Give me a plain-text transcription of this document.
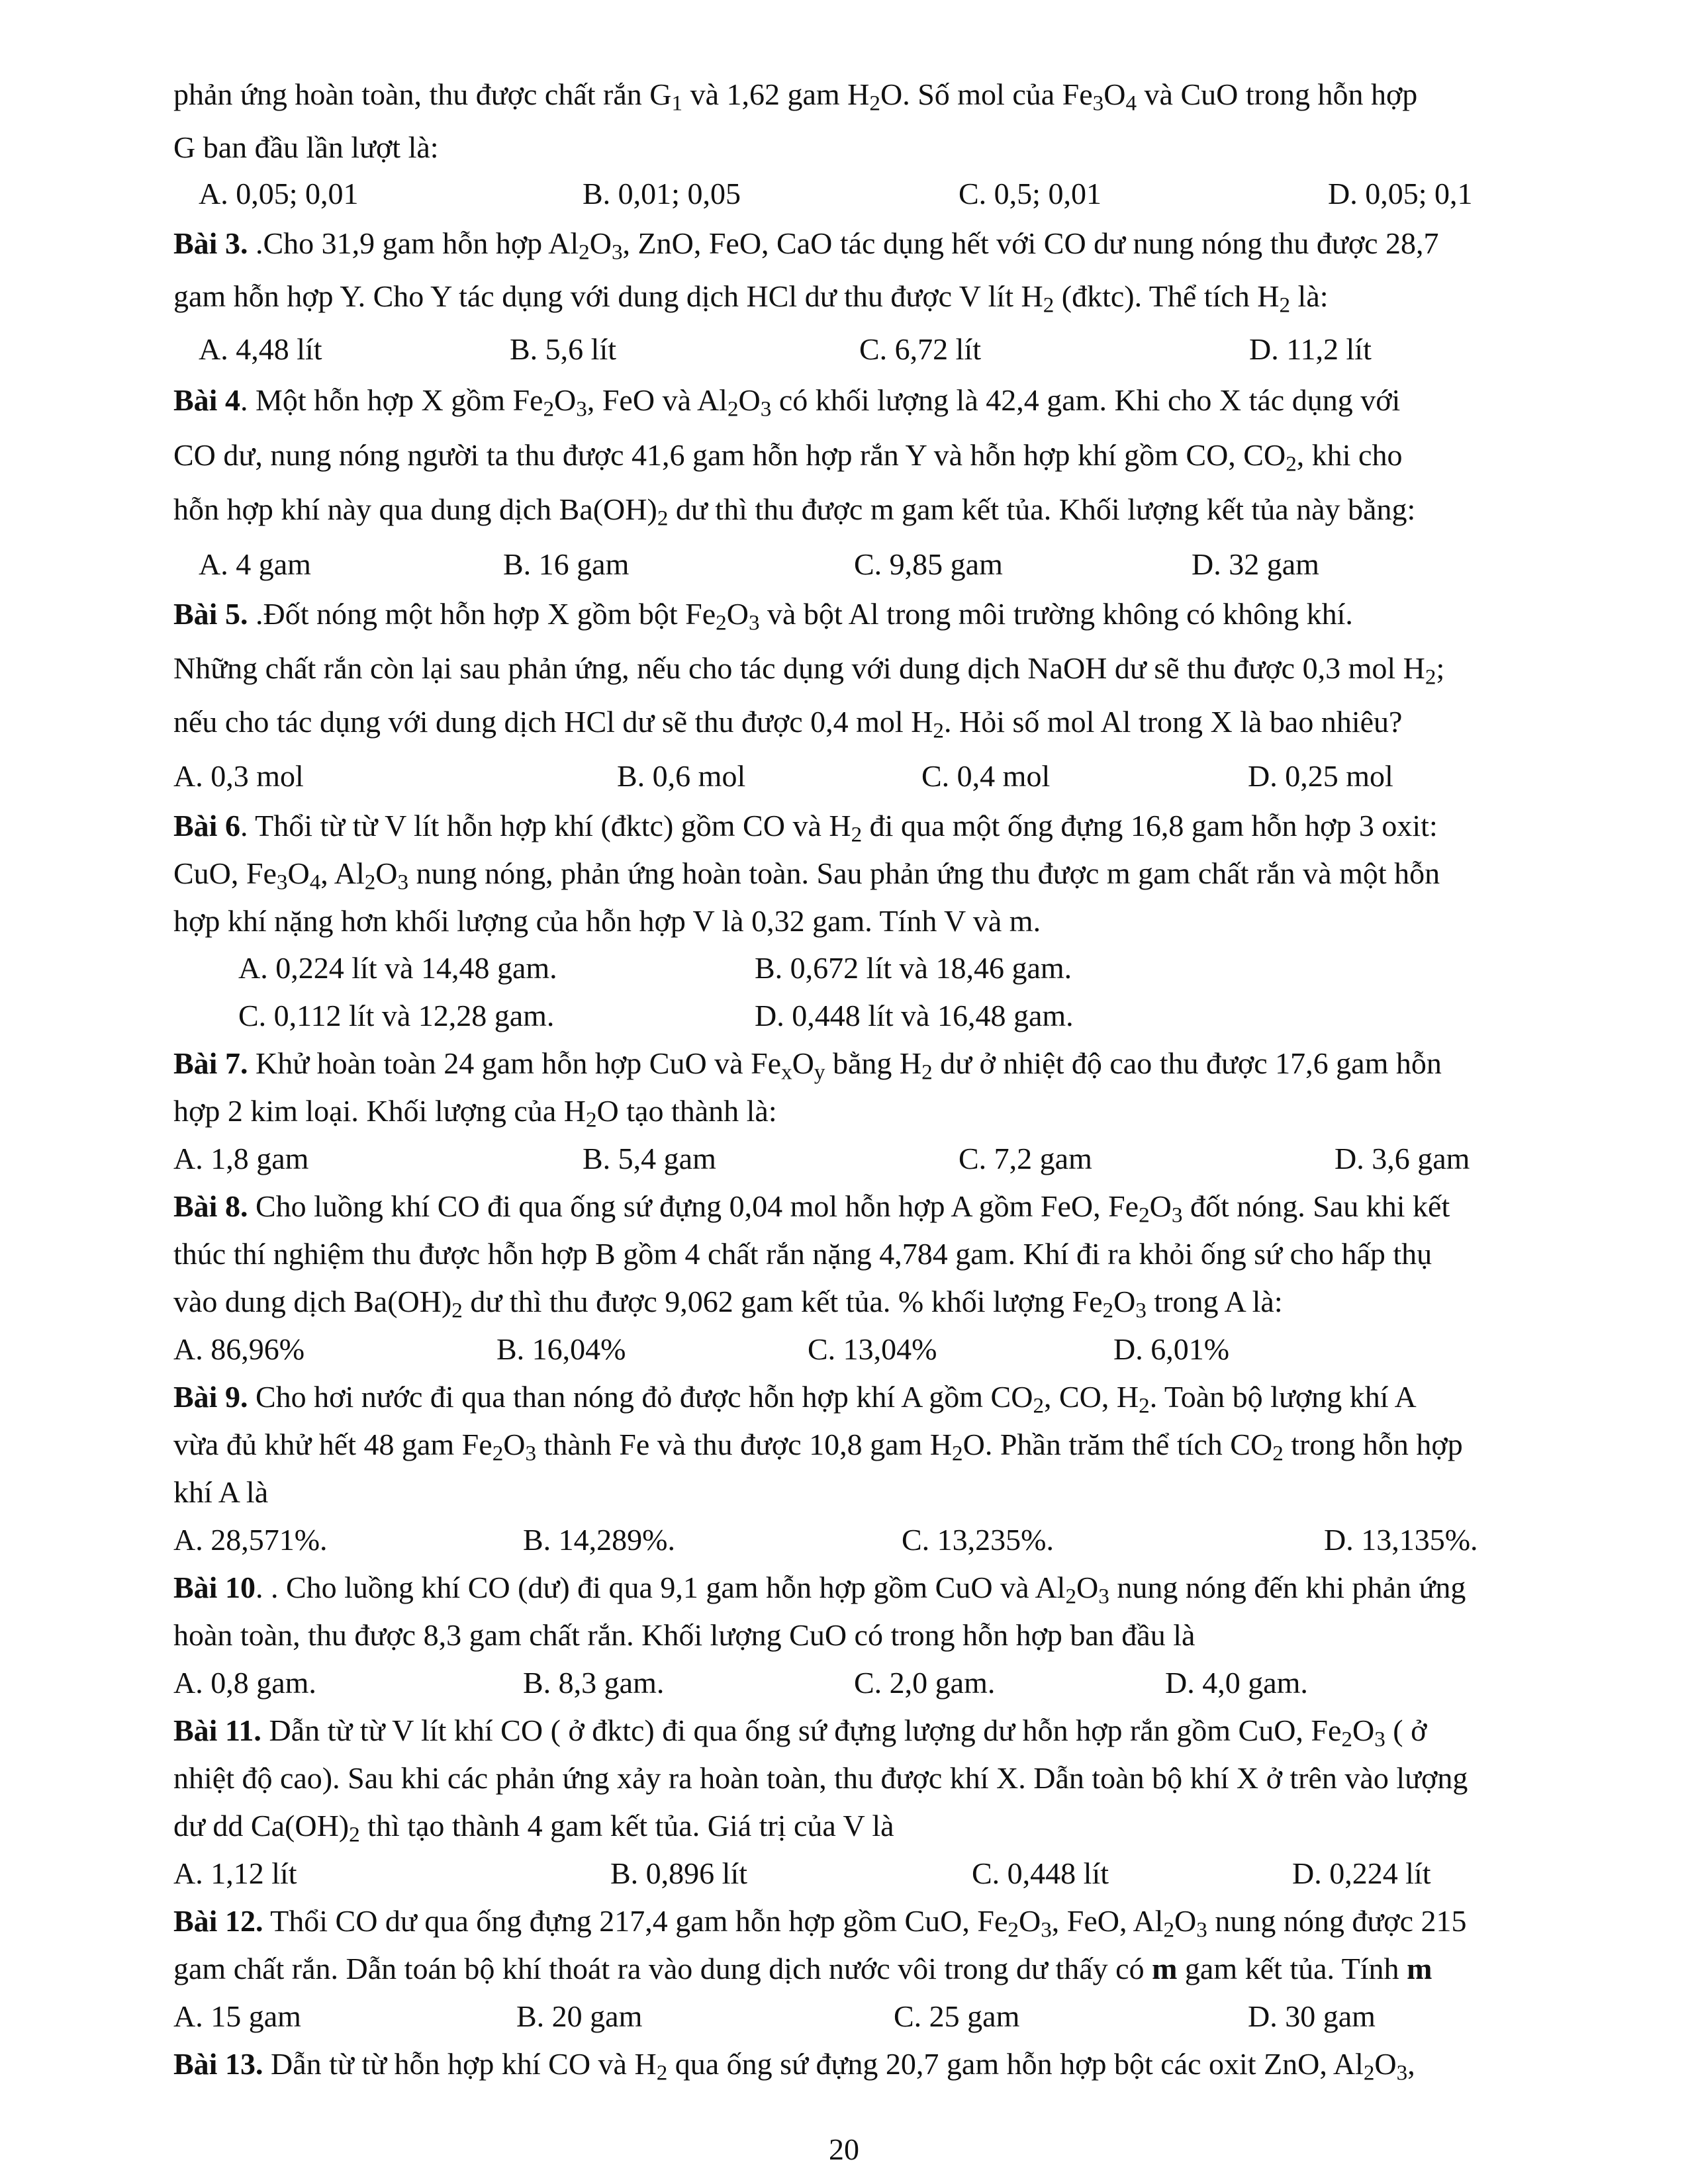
phản ứng hoàn toàn, thu được chất rắn $G_1$ và 1,62 gam $H_2O$. Số mol của $Fe_3O_4$ và CuO trong hỗn hợp
G ban đầu lần lượt là:
A. 0,05; 0,01	B. 0,01; 0,05	C. 0,5; 0,01	D. 0,05; 0,1
Bài 3. .Cho 31,9 gam hỗn hợp $Al_2O_3$, ZnO, FeO, CaO tác dụng hết với CO dư nung nóng thu được 28,7
gam hỗn hợp Y. Cho Y tác dụng với dung dịch HCl dư thu được V lít $H_2$ (đktc). Thể tích $H_2$ là:
A. 4,48 lít	B. 5,6 lít	C. 6,72 lít	D. 11,2 lít
Bài 4. Một hỗn hợp X gồm $Fe_2O_3$, FeO và $Al_2O_3$ có khối lượng là 42,4 gam. Khi cho X tác dụng với
CO dư, nung nóng người ta thu được 41,6 gam hỗn hợp rắn Y và hỗn hợp khí gồm CO, $CO_2$, khi cho
hỗn hợp khí này qua dung dịch $Ba(OH)_2$ dư thì thu được m gam kết tủa. Khối lượng kết tủa này bằng:
A. 4 gam	B. 16 gam	C. 9,85 gam	D. 32 gam
Bài 5. .Đốt nóng một hỗn hợp X gồm bột $Fe_2O_3$ và bột Al trong môi trường không có không khí.
Những chất rắn còn lại sau phản ứng, nếu cho tác dụng với dung dịch NaOH dư sẽ thu được 0,3 mol $H_2$;
nếu cho tác dụng với dung dịch HCl dư sẽ thu được 0,4 mol $H_2$. Hỏi số mol Al trong X là bao nhiêu?
A. 0,3 mol	B. 0,6 mol	C. 0,4 mol	D. 0,25 mol
Bài 6. Thổi từ từ V lít hỗn hợp khí (đktc) gồm CO và $H_2$ đi qua một ống đựng 16,8 gam hỗn hợp 3 oxit:
CuO, $Fe_3O_4$, $Al_2O_3$ nung nóng, phản ứng hoàn toàn. Sau phản ứng thu được m gam chất rắn và một hỗn
hợp khí nặng hơn khối lượng của hỗn hợp V là 0,32 gam. Tính V và m.
A. 0,224 lít và 14,48 gam.	B. 0,672 lít và 18,46 gam.
C. 0,112 lít và 12,28 gam.	D. 0,448 lít và 16,48 gam.
Bài 7. Khử hoàn toàn 24 gam hỗn hợp CuO và $Fe_xO_y$ bằng $H_2$ dư ở nhiệt độ cao thu được 17,6 gam hỗn
hợp 2 kim loại. Khối lượng của $H_2O$ tạo thành là:
A. 1,8 gam	B. 5,4 gam	C. 7,2 gam	D. 3,6 gam
Bài 8. Cho luồng khí CO đi qua ống sứ đựng 0,04 mol hỗn hợp A gồm FeO, $Fe_2O_3$ đốt nóng. Sau khi kết
thúc thí nghiệm thu được hỗn hợp B gồm 4 chất rắn nặng 4,784 gam. Khí đi ra khỏi ống sứ cho hấp thụ
vào dung dịch $Ba(OH)_2$ dư thì thu được 9,062 gam kết tủa. % khối lượng $Fe_2O_3$ trong A là:
A. 86,96%	B. 16,04%	C. 13,04%	D. 6,01%
Bài 9. Cho hơi nước đi qua than nóng đỏ được hỗn hợp khí A gồm $CO_2$, CO, $H_2$. Toàn bộ lượng khí A
vừa đủ khử hết 48 gam $Fe_2O_3$ thành Fe và thu được 10,8 gam $H_2O$. Phần trăm thể tích $CO_2$ trong hỗn hợp
khí A là
A. 28,571%.	B. 14,289%.	C. 13,235%.	D. 13,135%.
Bài 10. . Cho luồng khí CO (dư) đi qua 9,1 gam hỗn hợp gồm CuO và $Al_2O_3$ nung nóng đến khi phản ứng
hoàn toàn, thu được 8,3 gam chất rắn. Khối lượng CuO có trong hỗn hợp ban đầu là
A. 0,8 gam.	B. 8,3 gam.	C. 2,0 gam.	D. 4,0 gam.
Bài 11. Dẫn từ từ V lít khí CO ( ở đktc) đi qua ống sứ đựng lượng dư hỗn hợp rắn gồm CuO, $Fe_2O_3$ ( ở
nhiệt độ cao). Sau khi các phản ứng xảy ra hoàn toàn, thu được khí X. Dẫn toàn bộ khí X ở trên vào lượng
dư dd $Ca(OH)_2$ thì tạo thành 4 gam kết tủa. Giá trị của V là
A. 1,12 lít	B. 0,896 lít	C. 0,448 lít	D. 0,224 lít
Bài 12. Thổi CO dư qua ống đựng 217,4 gam hỗn hợp gồm CuO, $Fe_2O_3$, FeO, $Al_2O_3$ nung nóng được 215
gam chất rắn. Dẫn toán bộ khí thoát ra vào dung dịch nước vôi trong dư thấy có m gam kết tủa. Tính m
A. 15 gam	B. 20 gam	C. 25 gam	D. 30 gam
Bài 13. Dẫn từ từ hỗn hợp khí CO và $H_2$ qua ống sứ đựng 20,7 gam hỗn hợp bột các oxit ZnO, $Al_2O_3$,
20
